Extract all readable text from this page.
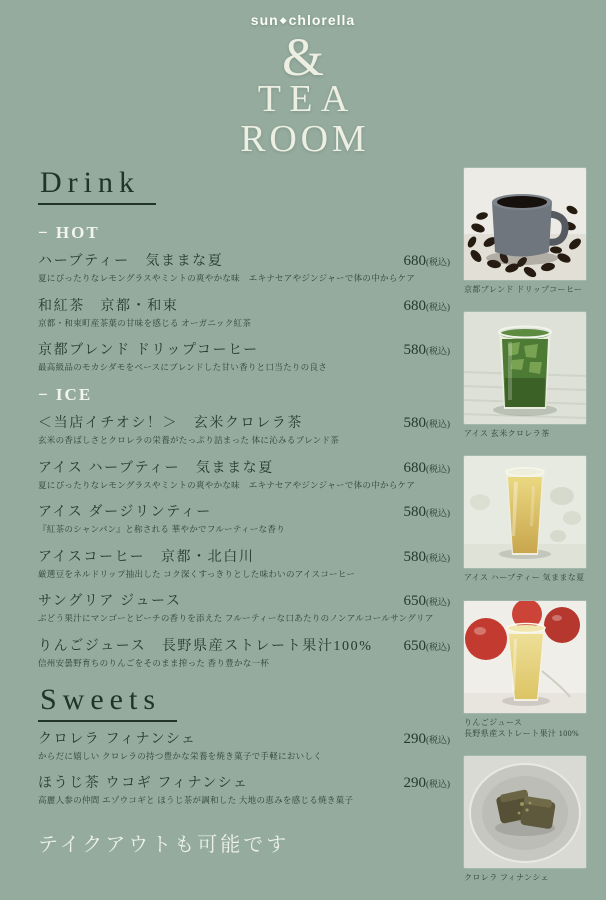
sun◆chlorella
&
TEA
ROOM
Drink
− HOT
ハーブティー　気ままな夏	680(税込)
夏にぴったりなレモングラスやミントの爽やかな味　エキナセアやジンジャーで体の中からケア
和紅茶　京都・和束	680(税込)
京都・和束町産茶葉の甘味を感じる オーガニック紅茶
京都ブレンド ドリップコーヒー	580(税込)
最高級品のモカシダモをベースにブレンドした甘い香りと口当たりの良さ
− ICE
＜当店イチオシ！＞　玄米クロレラ茶	580(税込)
玄米の香ばしさとクロレラの栄養がたっぷり詰まった 体に沁みるブレンド茶
アイス ハーブティー　気ままな夏	680(税込)
夏にぴったりなレモングラスやミントの爽やかな味　エキナセアやジンジャーで体の中からケア
アイス ダージリンティー	580(税込)
『紅茶のシャンパン』と称される 華やかでフルーティーな香り
アイスコーヒー　京都・北白川	580(税込)
厳選豆をネルドリップ抽出した コク深くすっきりとした味わいのアイスコーヒー
サングリア ジュース	650(税込)
ぶどう果汁にマンゴーとピーチの香りを添えた フルーティーな口あたりのノンアルコールサングリア
りんごジュース　長野県産ストレート果汁100%	650(税込)
信州安曇野育ちのりんごをそのまま搾った 香り豊かな一杯
Sweets
クロレラ フィナンシェ	290(税込)
からだに嬉しい クロレラの持つ豊かな栄養を焼き菓子で手軽においしく
ほうじ茶 ウコギ フィナンシェ	290(税込)
高麗人参の仲間 エゾウコギと ほうじ茶が調和した 大地の恵みを感じる焼き菓子
テイクアウトも可能です
京都ブレンド ドリップコーヒー
アイス 玄米クロレラ茶
アイス ハーブティー 気ままな夏
りんごジュース
長野県産ストレート果汁 100%
クロレラ フィナンシェ
